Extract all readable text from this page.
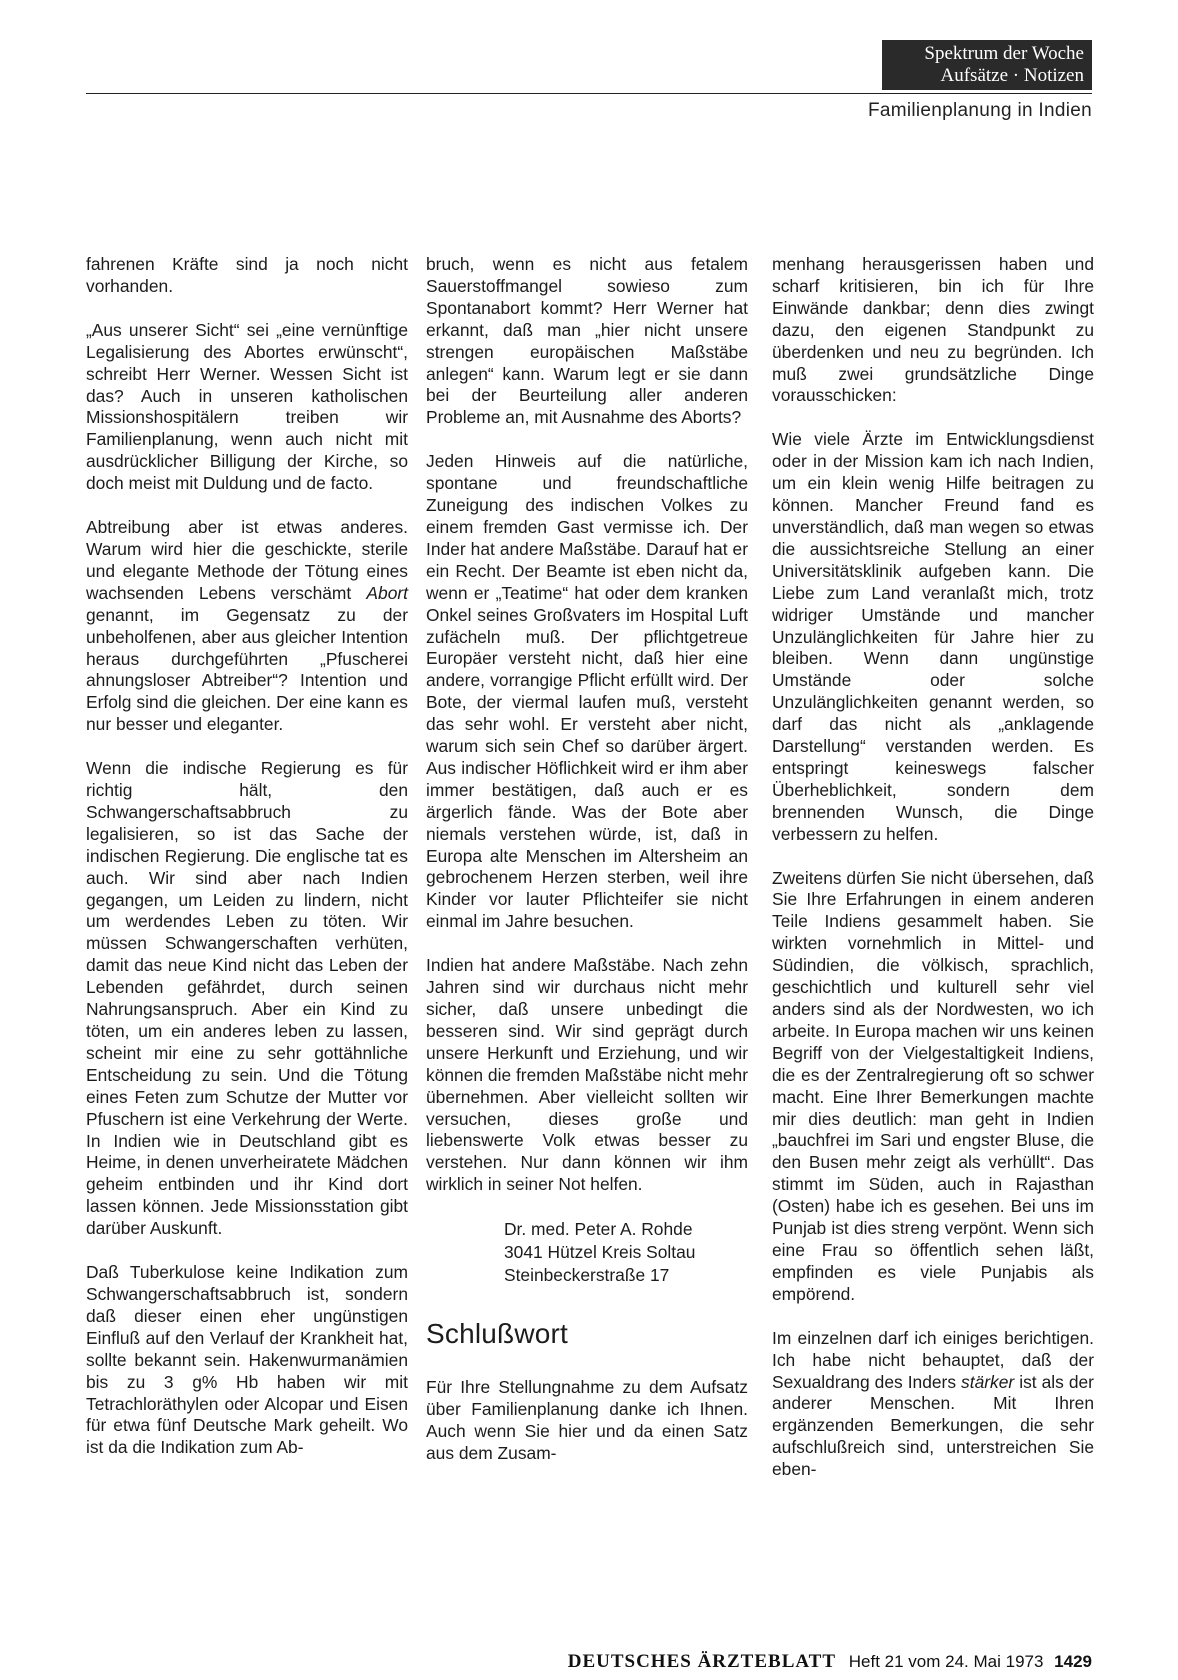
Spektrum der Woche
Aufsätze · Notizen
Familienplanung in Indien

fahrenen Kräfte sind ja noch nicht vorhanden.

„Aus unserer Sicht“ sei „eine vernünftige Legalisierung des Abortes erwünscht“, schreibt Herr Werner. Wessen Sicht ist das? Auch in unseren katholischen Missionshospitälern treiben wir Familienplanung, wenn auch nicht mit ausdrücklicher Billigung der Kirche, so doch meist mit Duldung und de facto.

Abtreibung aber ist etwas anderes. Warum wird hier die geschickte, sterile und elegante Methode der Tötung eines wachsenden Lebens verschämt Abort genannt, im Gegensatz zu der unbeholfenen, aber aus gleicher Intention heraus durchgeführten „Pfuscherei ahnungsloser Abtreiber“? Intention und Erfolg sind die gleichen. Der eine kann es nur besser und eleganter.

Wenn die indische Regierung es für richtig hält, den Schwangerschaftsabbruch zu legalisieren, so ist das Sache der indischen Regierung. Die englische tat es auch. Wir sind aber nach Indien gegangen, um Leiden zu lindern, nicht um werdendes Leben zu töten. Wir müssen Schwangerschaften verhüten, damit das neue Kind nicht das Leben der Lebenden gefährdet, durch seinen Nahrungsanspruch. Aber ein Kind zu töten, um ein anderes leben zu lassen, scheint mir eine zu sehr gottähnliche Entscheidung zu sein. Und die Tötung eines Feten zum Schutze der Mutter vor Pfuschern ist eine Verkehrung der Werte. In Indien wie in Deutschland gibt es Heime, in denen unverheiratete Mädchen geheim entbinden und ihr Kind dort lassen können. Jede Missionsstation gibt darüber Auskunft.

Daß Tuberkulose keine Indikation zum Schwangerschaftsabbruch ist, sondern daß dieser einen eher ungünstigen Einfluß auf den Verlauf der Krankheit hat, sollte bekannt sein. Hakenwurmanämien bis zu 3 g% Hb haben wir mit Tetrachloräthylen oder Alcopar und Eisen für etwa fünf Deutsche Mark geheilt. Wo ist da die Indikation zum Ab-

bruch, wenn es nicht aus fetalem Sauerstoffmangel sowieso zum Spontanabort kommt? Herr Werner hat erkannt, daß man „hier nicht unsere strengen europäischen Maßstäbe anlegen“ kann. Warum legt er sie dann bei der Beurteilung aller anderen Probleme an, mit Ausnahme des Aborts?

Jeden Hinweis auf die natürliche, spontane und freundschaftliche Zuneigung des indischen Volkes zu einem fremden Gast vermisse ich. Der Inder hat andere Maßstäbe. Darauf hat er ein Recht. Der Beamte ist eben nicht da, wenn er „Teatime“ hat oder dem kranken Onkel seines Großvaters im Hospital Luft zufächeln muß. Der pflichtgetreue Europäer versteht nicht, daß hier eine andere, vorrangige Pflicht erfüllt wird. Der Bote, der viermal laufen muß, versteht das sehr wohl. Er versteht aber nicht, warum sich sein Chef so darüber ärgert. Aus indischer Höflichkeit wird er ihm aber immer bestätigen, daß auch er es ärgerlich fände. Was der Bote aber niemals verstehen würde, ist, daß in Europa alte Menschen im Altersheim an gebrochenem Herzen sterben, weil ihre Kinder vor lauter Pflichteifer sie nicht einmal im Jahre besuchen.

Indien hat andere Maßstäbe. Nach zehn Jahren sind wir durchaus nicht mehr sicher, daß unsere unbedingt die besseren sind. Wir sind geprägt durch unsere Herkunft und Erziehung, und wir können die fremden Maßstäbe nicht mehr übernehmen. Aber vielleicht sollten wir versuchen, dieses große und liebenswerte Volk etwas besser zu verstehen. Nur dann können wir ihm wirklich in seiner Not helfen.

Dr. med. Peter A. Rohde
3041 Hützel Kreis Soltau
Steinbeckerstraße 17
Schlußwort

Für Ihre Stellungnahme zu dem Aufsatz über Familienplanung danke ich Ihnen. Auch wenn Sie hier und da einen Satz aus dem Zusam-

menhang herausgerissen haben und scharf kritisieren, bin ich für Ihre Einwände dankbar; denn dies zwingt dazu, den eigenen Standpunkt zu überdenken und neu zu begründen. Ich muß zwei grundsätzliche Dinge vorausschicken:

Wie viele Ärzte im Entwicklungsdienst oder in der Mission kam ich nach Indien, um ein klein wenig Hilfe beitragen zu können. Mancher Freund fand es unverständlich, daß man wegen so etwas die aussichtsreiche Stellung an einer Universitätsklinik aufgeben kann. Die Liebe zum Land veranlaßt mich, trotz widriger Umstände und mancher Unzulänglichkeiten für Jahre hier zu bleiben. Wenn dann ungünstige Umstände oder solche Unzulänglichkeiten genannt werden, so darf das nicht als „anklagende Darstellung“ verstanden werden. Es entspringt keineswegs falscher Überheblichkeit, sondern dem brennenden Wunsch, die Dinge verbessern zu helfen.

Zweitens dürfen Sie nicht übersehen, daß Sie Ihre Erfahrungen in einem anderen Teile Indiens gesammelt haben. Sie wirkten vornehmlich in Mittel- und Südindien, die völkisch, sprachlich, geschichtlich und kulturell sehr viel anders sind als der Nordwesten, wo ich arbeite. In Europa machen wir uns keinen Begriff von der Vielgestaltigkeit Indiens, die es der Zentralregierung oft so schwer macht. Eine Ihrer Bemerkungen machte mir dies deutlich: man geht in Indien „bauchfrei im Sari und engster Bluse, die den Busen mehr zeigt als verhüllt“. Das stimmt im Süden, auch in Rajasthan (Osten) habe ich es gesehen. Bei uns im Punjab ist dies streng verpönt. Wenn sich eine Frau so öffentlich sehen läßt, empfinden es viele Punjabis als empörend.

Im einzelnen darf ich einiges berichtigen. Ich habe nicht behauptet, daß der Sexualdrang des Inders stärker ist als der anderer Menschen. Mit Ihren ergänzenden Bemerkungen, die sehr aufschlußreich sind, unterstreichen Sie eben-

DEUTSCHES ÄRZTEBLATT Heft 21 vom 24. Mai 1973 1429
